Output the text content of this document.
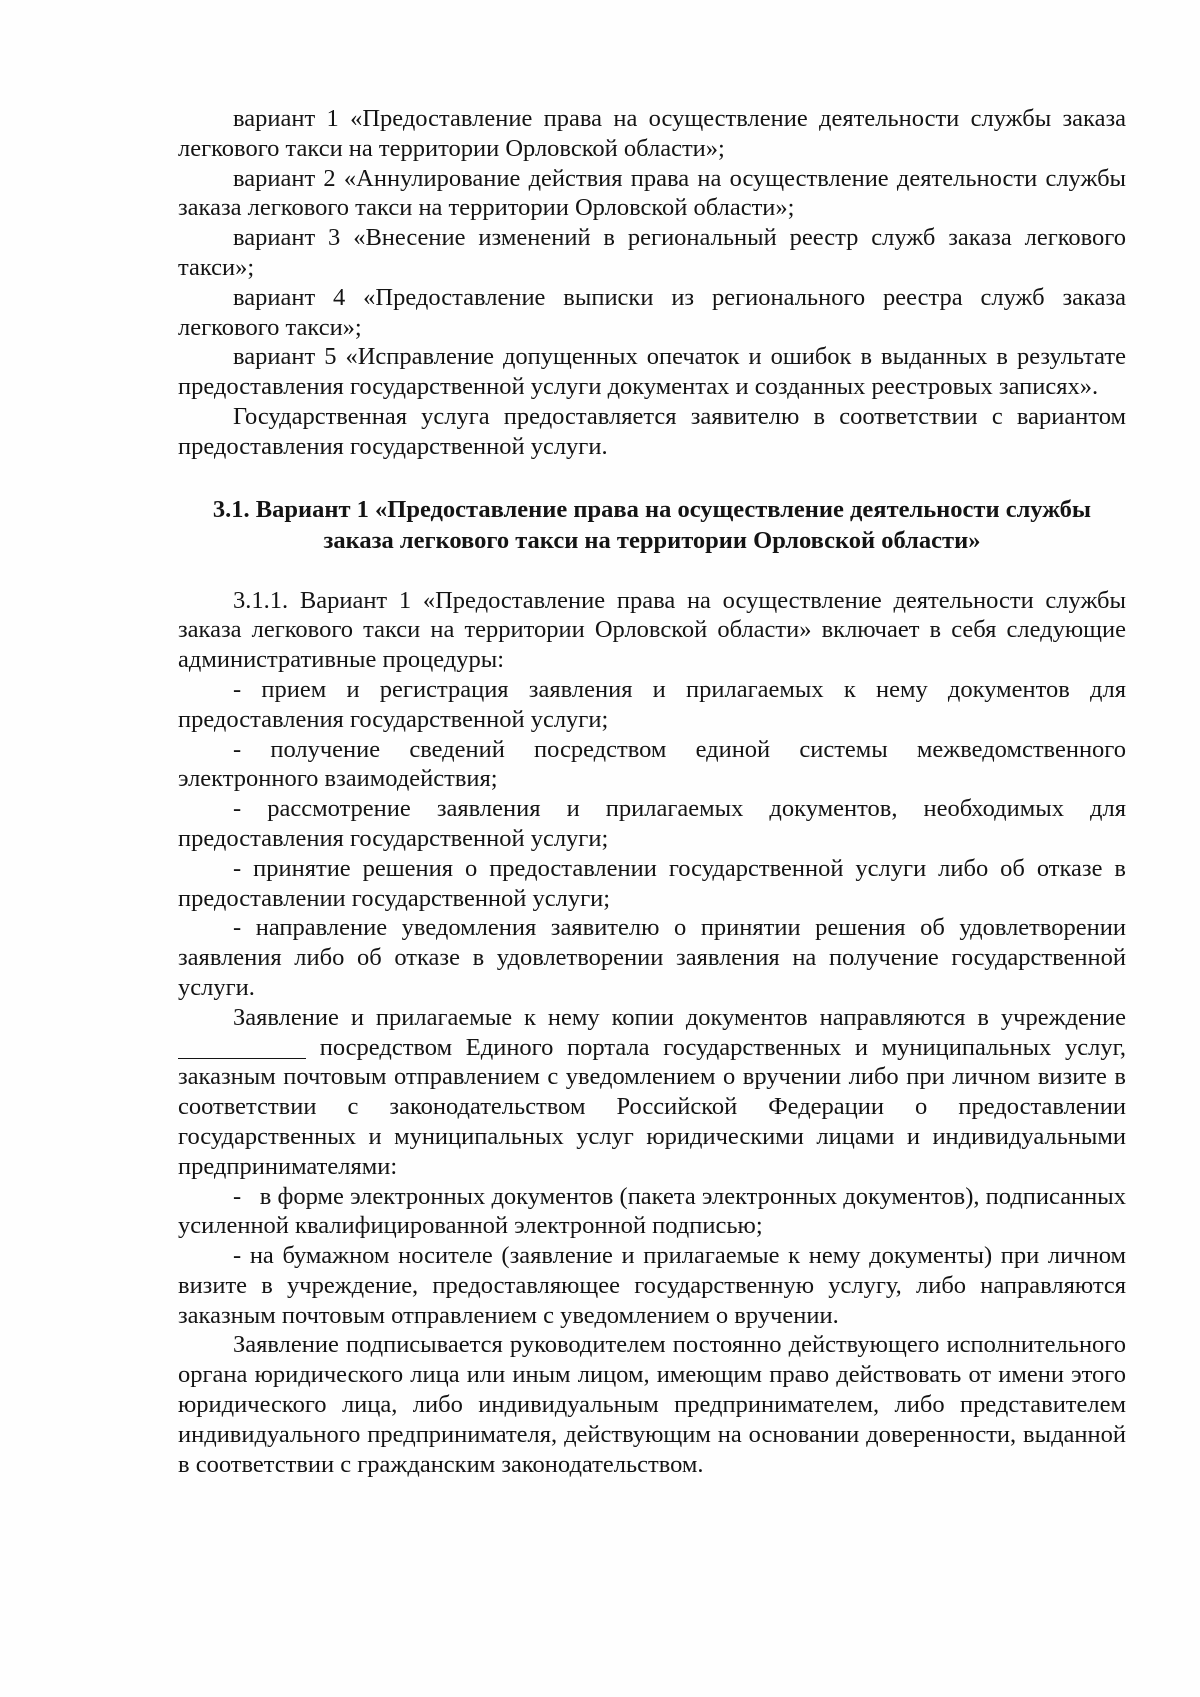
вариант 1 «Предоставление права на осуществление деятельности службы заказа легкового такси на территории Орловской области»;

вариант 2 «Аннулирование действия права на осуществление деятельности службы заказа легкового такси на территории Орловской области»;

вариант 3 «Внесение изменений в региональный реестр служб заказа легкового такси»;

вариант 4 «Предоставление выписки из регионального реестра служб заказа легкового такси»;

вариант 5 «Исправление допущенных опечаток и ошибок в выданных в результате предоставления государственной услуги документах и созданных реестровых записях».

Государственная услуга предоставляется заявителю в соответствии с вариантом предоставления государственной услуги.

3.1. Вариант 1 «Предоставление права на осуществление деятельности службы заказа легкового такси на территории Орловской области»

3.1.1. Вариант 1 «Предоставление права на осуществление деятельности службы заказа легкового такси на территории Орловской области» включает в себя следующие административные процедуры:

- прием и регистрация заявления и прилагаемых к нему документов для предоставления государственной услуги;

- получение сведений посредством единой системы межведомственного электронного взаимодействия;

- рассмотрение заявления и прилагаемых документов, необходимых для предоставления государственной услуги;

- принятие решения о предоставлении государственной услуги либо об отказе в предоставлении государственной услуги;

- направление уведомления заявителю о принятии решения об удовлетворении заявления либо об отказе в удовлетворении заявления на получение государственной услуги.

Заявление и прилагаемые к нему копии документов направляются в учреждение  посредством Единого портала государственных и муниципальных услуг, заказным почтовым отправлением с уведомлением о вручении либо при личном визите в соответствии с законодательством Российской Федерации о предоставлении государственных и муниципальных услуг юридическими лицами и индивидуальными предпринимателями:

-   в форме электронных документов (пакета электронных документов), подписанных усиленной квалифицированной электронной подписью;

- на бумажном носителе (заявление и прилагаемые к нему документы) при личном визите в учреждение, предоставляющее государственную услугу, либо направляются заказным почтовым отправлением с уведомлением о вручении.

Заявление подписывается руководителем постоянно действующего исполнительного органа юридического лица или иным лицом, имеющим право действовать от имени этого юридического лица, либо индивидуальным предпринимателем, либо представителем индивидуального предпринимателя, действующим на основании доверенности, выданной в соответствии с гражданским законодательством.
